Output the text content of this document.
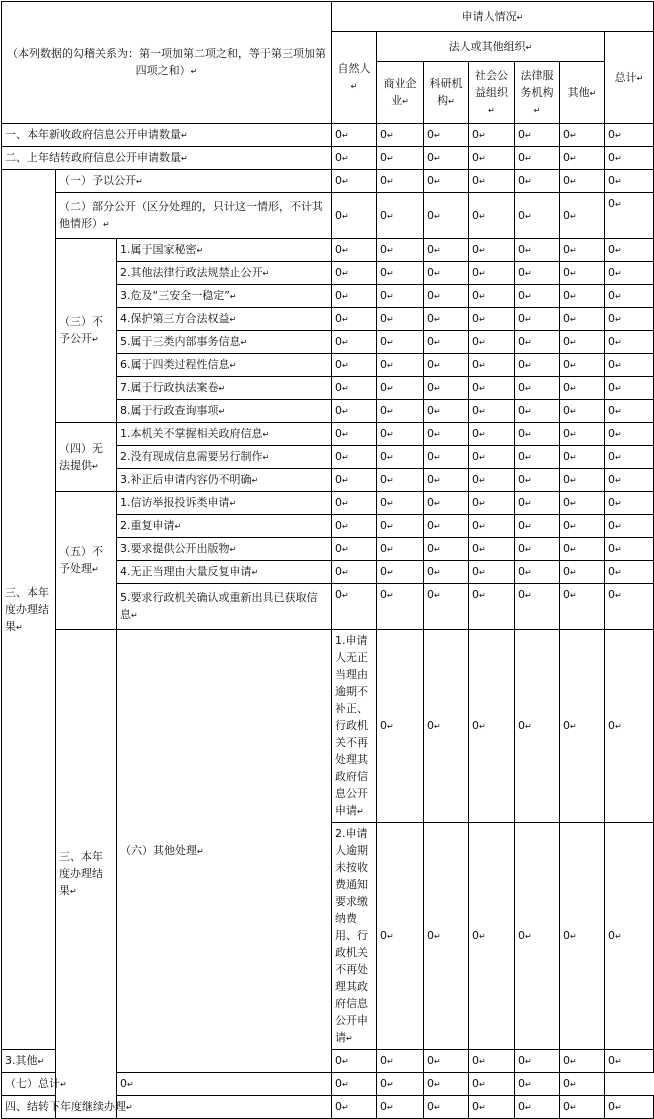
（本列数据的勾稽关系为：第一项加第二项之和，等于第三项加第四项之和）↵			申请人情况↵							
			自然人↵	法人或其他组织↵					总计↵	
				商业企业↵	科研机构↵	社会公益组织↵	法律服务机构↵	其他↵		
一、本年新收政府信息公开申请数量↵			0↵	0↵	0↵	0↵	0↵	0↵	0↵	
二、上年结转政府信息公开申请数量↵			0↵	0↵	0↵	0↵	0↵	0↵	0↵	
三、本年度办理结果↵	（一）予以公开↵		0↵	0↵	0↵	0↵	0↵	0↵	0↵	
	（二）部分公开（区分处理的，只计这一情形，不计其他情形）↵		0↵	0↵	0↵	0↵	0↵	0↵	0↵	
	（三）不予公开↵	1.属于国家秘密↵	0↵	0↵	0↵	0↵	0↵	0↵	0↵	
		2.其他法律行政法规禁止公开↵	0↵	0↵	0↵	0↵	0↵	0↵	0↵	
		3.危及“三安全一稳定”↵	0↵	0↵	0↵	0↵	0↵	0↵	0↵	
		4.保护第三方合法权益↵	0↵	0↵	0↵	0↵	0↵	0↵	0↵	
		5.属于三类内部事务信息↵	0↵	0↵	0↵	0↵	0↵	0↵	0↵	
		6.属于四类过程性信息↵	0↵	0↵	0↵	0↵	0↵	0↵	0↵	
		7.属于行政执法案卷↵	0↵	0↵	0↵	0↵	0↵	0↵	0↵	
		8.属于行政查询事项↵	0↵	0↵	0↵	0↵	0↵	0↵	0↵	
	（四）无法提供↵	1.本机关不掌握相关政府信息↵	0↵	0↵	0↵	0↵	0↵	0↵	0↵	
		2.没有现成信息需要另行制作↵	0↵	0↵	0↵	0↵	0↵	0↵	0↵	
		3.补正后申请内容仍不明确↵	0↵	0↵	0↵	0↵	0↵	0↵	0↵	
	（五）不予处理↵	1.信访举报投诉类申请↵	0↵	0↵	0↵	0↵	0↵	0↵	0↵	
		2.重复申请↵	0↵	0↵	0↵	0↵	0↵	0↵	0↵	
		3.要求提供公开出版物↵	0↵	0↵	0↵	0↵	0↵	0↵	0↵	
		4.无正当理由大量反复申请↵	0↵	0↵	0↵	0↵	0↵	0↵	0↵	
		5.要求行政机关确认或重新出具已获取信息↵	0↵	0↵	0↵	0↵	0↵	0↵	0↵	
	三、本年度办理结果↵	（六）其他处理↵	1.申请人无正当理由逾期不补正、行政机关不再处理其政府信息公开申请↵	0↵	0↵	0↵	0↵	0↵	0↵	
			2.申请人逾期未按收费通知要求缴纳费用、行政机关不再处理其政府信息公开申请↵	0↵	0↵	0↵	0↵	0↵	0↵	
3.其他↵			0↵	0↵	0↵	0↵	0↵	0↵	0↵	
（七）总计↵		0↵	0↵	0↵	0↵	0↵	0↵	0↵		
四、结转下年度继续办理↵			0↵	0↵	0↵	0↵	0↵	0↵	0↵	
